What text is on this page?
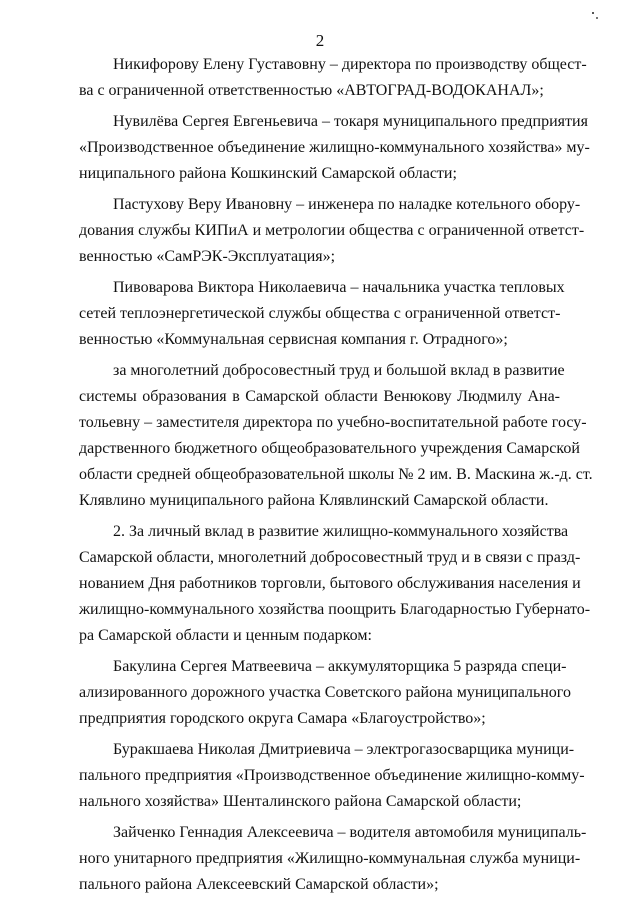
2
Никифорову Елену Густавовну – директора по производству общест-
ва с ограниченной ответственностью «АВТОГРАД-ВОДОКАНАЛ»;
Нувилёва Сергея Евгеньевича – токаря муниципального предприятия
«Производственное объединение жилищно-коммунального хозяйства» му-
ниципального района Кошкинский Самарской области;
Пастухову Веру Ивановну – инженера по наладке котельного обору-
дования службы КИПиА и метрологии общества с ограниченной ответст-
венностью «СамРЭК-Эксплуатация»;
Пивоварова Виктора Николаевича – начальника участка тепловых
сетей теплоэнергетической службы общества с ограниченной ответст-
венностью «Коммунальная сервисная компания г. Отрадного»;
за многолетний добросовестный труд и большой вклад в развитие
системы образования в Самарской области Венюкову Людмилу Ана-
тольевну – заместителя директора по учебно-воспитательной работе госу-
дарственного бюджетного общеобразовательного учреждения Самарской
области средней общеобразовательной школы № 2 им. В. Маскина ж.-д. ст.
Клявлино муниципального района Клявлинский Самарской области.
2. За личный вклад в развитие жилищно-коммунального хозяйства
Самарской области, многолетний добросовестный труд и в связи с празд-
нованием Дня работников торговли, бытового обслуживания населения и
жилищно-коммунального хозяйства поощрить Благодарностью Губернато-
ра Самарской области и ценным подарком:
Бакулина Сергея Матвеевича – аккумуляторщика 5 разряда специ-
ализированного дорожного участка Советского района муниципального
предприятия городского округа Самара «Благоустройство»;
Буракшаева Николая Дмитриевича – электрогазосварщика муници-
пального предприятия «Производственное объединение жилищно-комму-
нального хозяйства» Шенталинского района Самарской области;
Зайченко Геннадия Алексеевича – водителя автомобиля муниципаль-
ного унитарного предприятия «Жилищно-коммунальная служба муници-
пального района Алексеевский Самарской области»;
